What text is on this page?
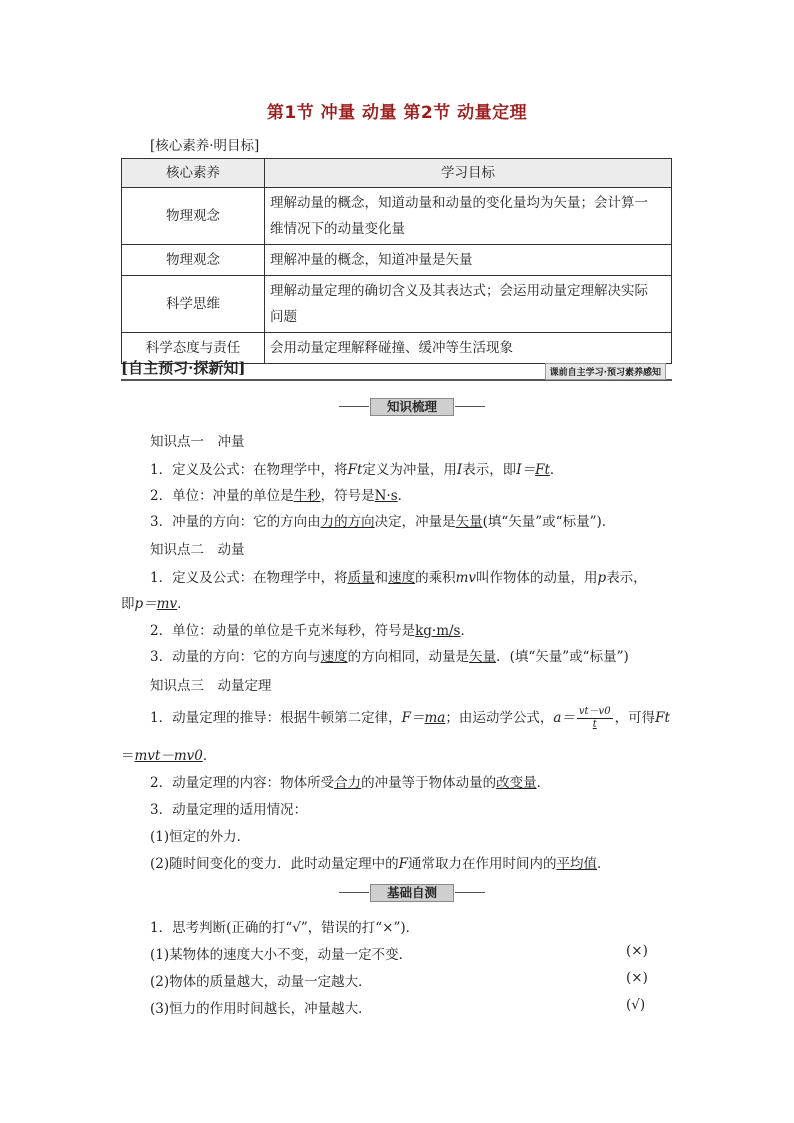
第1节 冲量 动量 第2节 动量定理
[核心素养·明目标]
核心素养	学习目标
物理观念	理解动量的概念，知道动量和动量的变化量均为矢量；会计算一
维情况下的动量变化量

物理观念	理解冲量的概念，知道冲量是矢量
科学思维	理解动量定理的确切含义及其表达式；会运用动量定理解决实际
问题

科学态度与责任	会用动量定理解释碰撞、缓冲等生活现象
[自主预习·探新知]	课前自主学习·预习素养感知
知识梳理
知识点一　冲量
1．定义及公式：在物理学中，将Ft定义为冲量，用I表示，即I＝Ft．
2．单位：冲量的单位是牛秒，符号是N·s．
3．冲量的方向：它的方向由力的方向决定，冲量是矢量(填“矢量”或“标量”)．
知识点二　动量
1．定义及公式：在物理学中，将质量和速度的乘积mv叫作物体的动量，用p表示，
即p＝mv．
2．单位：动量的单位是千克米每秒，符号是kg·m/s．
3．动量的方向：它的方向与速度的方向相同，动量是矢量．(填“矢量”或“标量”)
知识点三　动量定理
1．动量定理的推导：根据牛顿第二定律，F＝ma；由运动学公式，$a= \frac{vt-v0}{t}$ ，可得Ft
＝mvt－mv0．
2．动量定理的内容：物体所受合力的冲量等于物体动量的改变量．
3．动量定理的适用情况：
(1)恒定的外力．
(2)随时间变化的变力．此时动量定理中的F通常取力在作用时间内的平均值．
基础自测
1．思考判断(正确的打“√”，错误的打“×”)．
(1)某物体的速度大小不变，动量一定不变．	(×)
(2)物体的质量越大，动量一定越大．	(×)
(3)恒力的作用时间越长，冲量越大．	(√)
